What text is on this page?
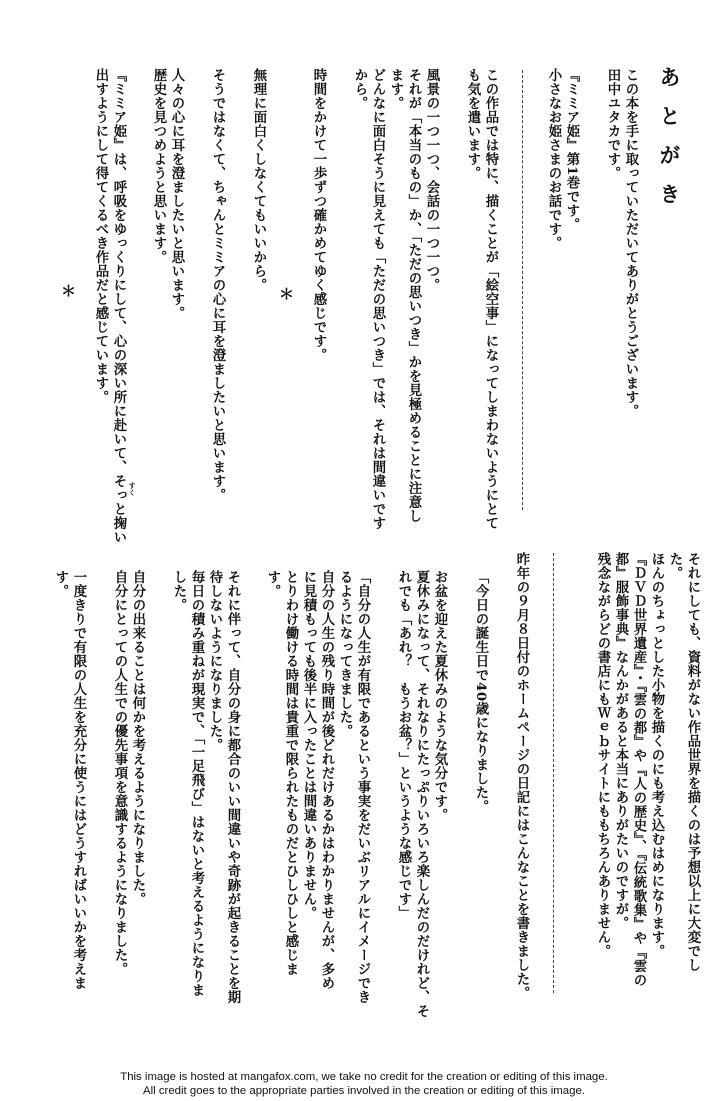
あとがき
この本を手に取っていただいてありがとうございます。
田中ユタカです。
『ミミア姫』第1巻です。
小さなお姫さまのお話です。
この作品では特に、描くことが「絵空事」になってしまわないようにとて
も気を遣います。
風景の一つ一つ、会話の一つ一つ。
それが「本当のもの」か、「ただの思いつき」かを見極めることに注意し
ます。
どんなに面白そうに見えても「ただの思いつき」では、それは間違いです
から。
時間をかけて一歩ずつ確かめてゆく感じです。
＊
無理に面白くしなくてもいいから。
そうではなくて、ちゃんとミミアの心に耳を澄ましたいと思います。
人々の心に耳を澄ましたいと思います。
歴史を見つめようと思います。
『ミミア姫』は、呼吸をゆっくりにして、心の深い所に赴いて、そっと掬い
出すようにして得てくるべき作品だと感じています。
すく
＊
それにしても、資料がない作品世界を描くのは予想以上に大変でし
た。
ほんのちょっとした小物を描くのにも考え込むはめになります。
『ＤＶＤ世界遺産』・『雲の都』や『人の歴史』、『伝統歌集』や『雲の
都』服飾事典』なんかがあると本当にありがたいのですが。
残念ながらどの書店にもＷｅｂサイトにももちろんありません。
昨年の９月８日付のホームページの日記にはこんなことを書きました。
「今日の誕生日で40歳になりました。
お盆を迎えた夏休みのような気分です。
夏休みになって、それなりにたっぷりいろいろ楽しんだのだけれど、そ
れでも「あれ？　もうお盆？」というような感じです」
「自分の人生が有限であるという事実をだいぶリアルにイメージでき
るようになってきました。
自分の人生の残り時間が後どれだけあるかはわかりませんが、多め
に見積もっても後半に入ったことは間違いありません。
とりわけ働ける時間は貴重で限られたものだとひしひしと感じま
す。
それに伴って、自分の身に都合のいい間違いや奇跡が起きることを期
待しないようになりました。
毎日の積み重ねが現実で、「一足飛び」はないと考えるようになりま
した。
自分の出来ることは何かを考えるようになりました。
自分にとっての人生での優先事項を意識するようになりました。
一度きりで有限の人生を充分に使うにはどうすればいいかを考えま
す。
This image is hosted at mangafox.com, we take no credit for the creation or editing of this image.
All credit goes to the appropriate parties involved in the creation or editing of this image.
